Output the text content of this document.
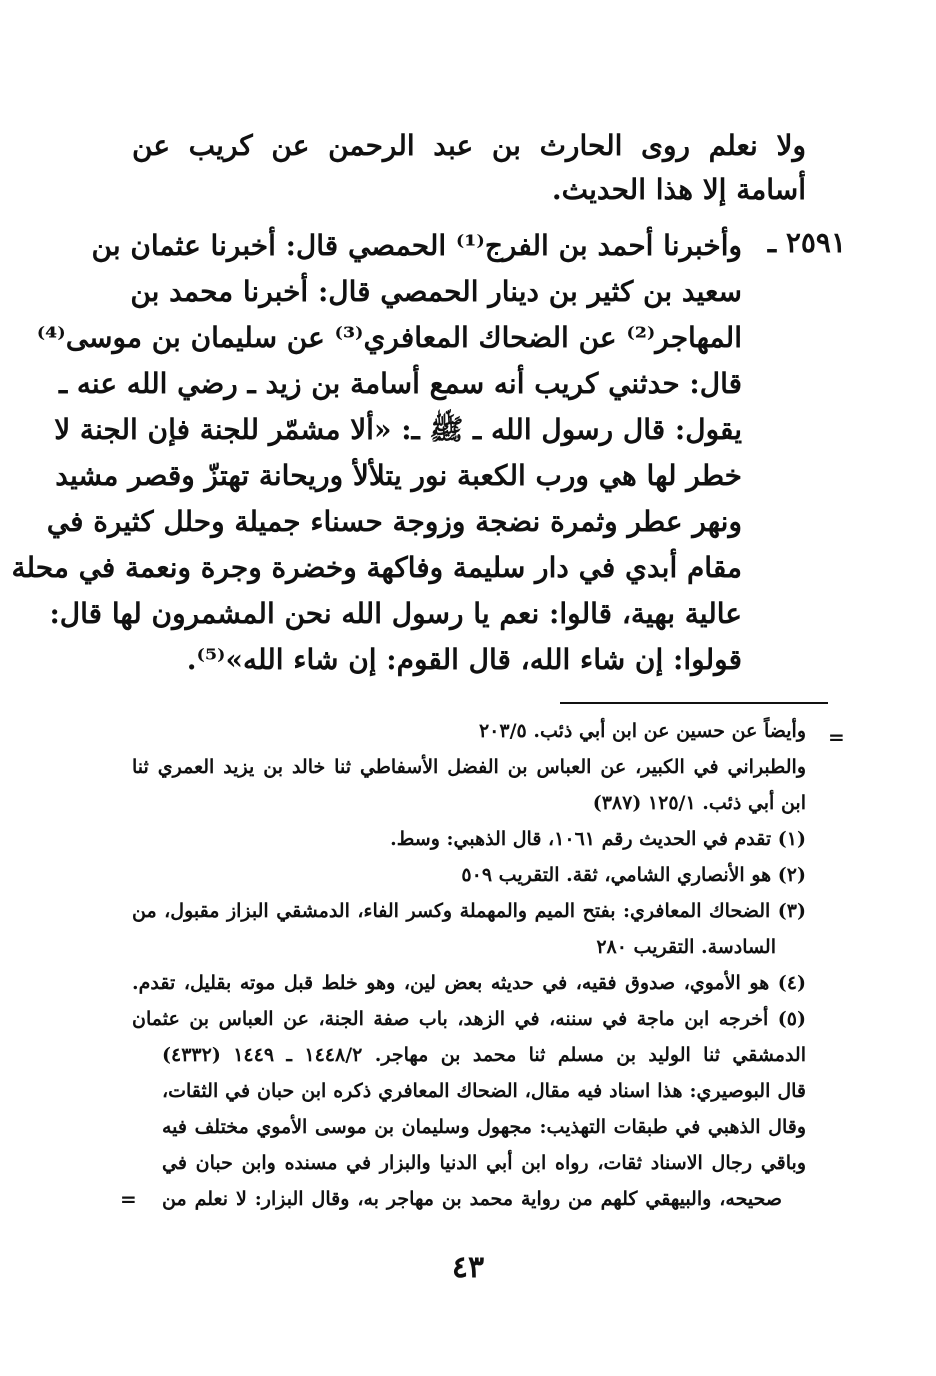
ولا نعلم روى الحارث بن عبد الرحمن عن كريب عن
أسامة إلا هذا الحديث.
٢٥٩١ ـ
وأخبرنا أحمد بن الفرج⁽¹⁾ الحمصي قال: أخبرنا عثمان بن
سعيد بن كثير بن دينار الحمصي قال: أخبرنا محمد بن
المهاجر⁽²⁾ عن الضحاك المعافري⁽³⁾ عن سليمان بن موسى⁽⁴⁾
قال: حدثني كريب أنه سمع أسامة بن زيد ـ رضي الله عنه ـ
يقول: قال رسول الله ـ ﷺ ـ: «ألا مشمّر للجنة فإن الجنة لا
خطر لها هي ورب الكعبة نور يتلألأ وريحانة تهتزّ وقصر مشيد
ونهر عطر وثمرة نضجة وزوجة حسناء جميلة وحلل كثيرة في
مقام أبدي في دار سليمة وفاكهة وخضرة وجرة ونعمة في محلة
عالية بهية، قالوا: نعم يا رسول الله نحن المشمرون لها قال:
قولوا: إن شاء الله، قال القوم: إن شاء الله»⁽⁵⁾.
=
وأيضاً عن حسين عن ابن أبي ذئب. ٢٠٣/٥
والطبراني في الكبير، عن العباس بن الفضل الأسفاطي ثنا خالد بن يزيد العمري ثنا
ابن أبي ذئب. ١٢٥/١ (٣٨٧)
(١) تقدم في الحديث رقم ١٠٦١، قال الذهبي: وسط.
(٢) هو الأنصاري الشامي، ثقة. التقريب ٥٠٩
(٣) الضحاك المعافري: بفتح الميم والمهملة وكسر الفاء، الدمشقي البزاز مقبول، من
السادسة. التقريب ٢٨٠
(٤) هو الأموي، صدوق فقيه، في حديثه بعض لين، وهو خلط قبل موته بقليل، تقدم.
(٥) أخرجه ابن ماجة في سننه، في الزهد، باب صفة الجنة، عن العباس بن عثمان
الدمشقي ثنا الوليد بن مسلم ثنا محمد بن مهاجر. ١٤٤٨/٢ ـ ١٤٤٩ (٤٣٣٢)
قال البوصيري: هذا اسناد فيه مقال، الضحاك المعافري ذكره ابن حبان في الثقات،
وقال الذهبي في طبقات التهذيب: مجهول وسليمان بن موسى الأموي مختلف فيه
وباقي رجال الاسناد ثقات، رواه ابن أبي الدنيا والبزار في مسنده وابن حبان في
صحيحه، والبيهقي كلهم من رواية محمد بن مهاجر به، وقال البزار: لا نعلم من
=
٤٣
